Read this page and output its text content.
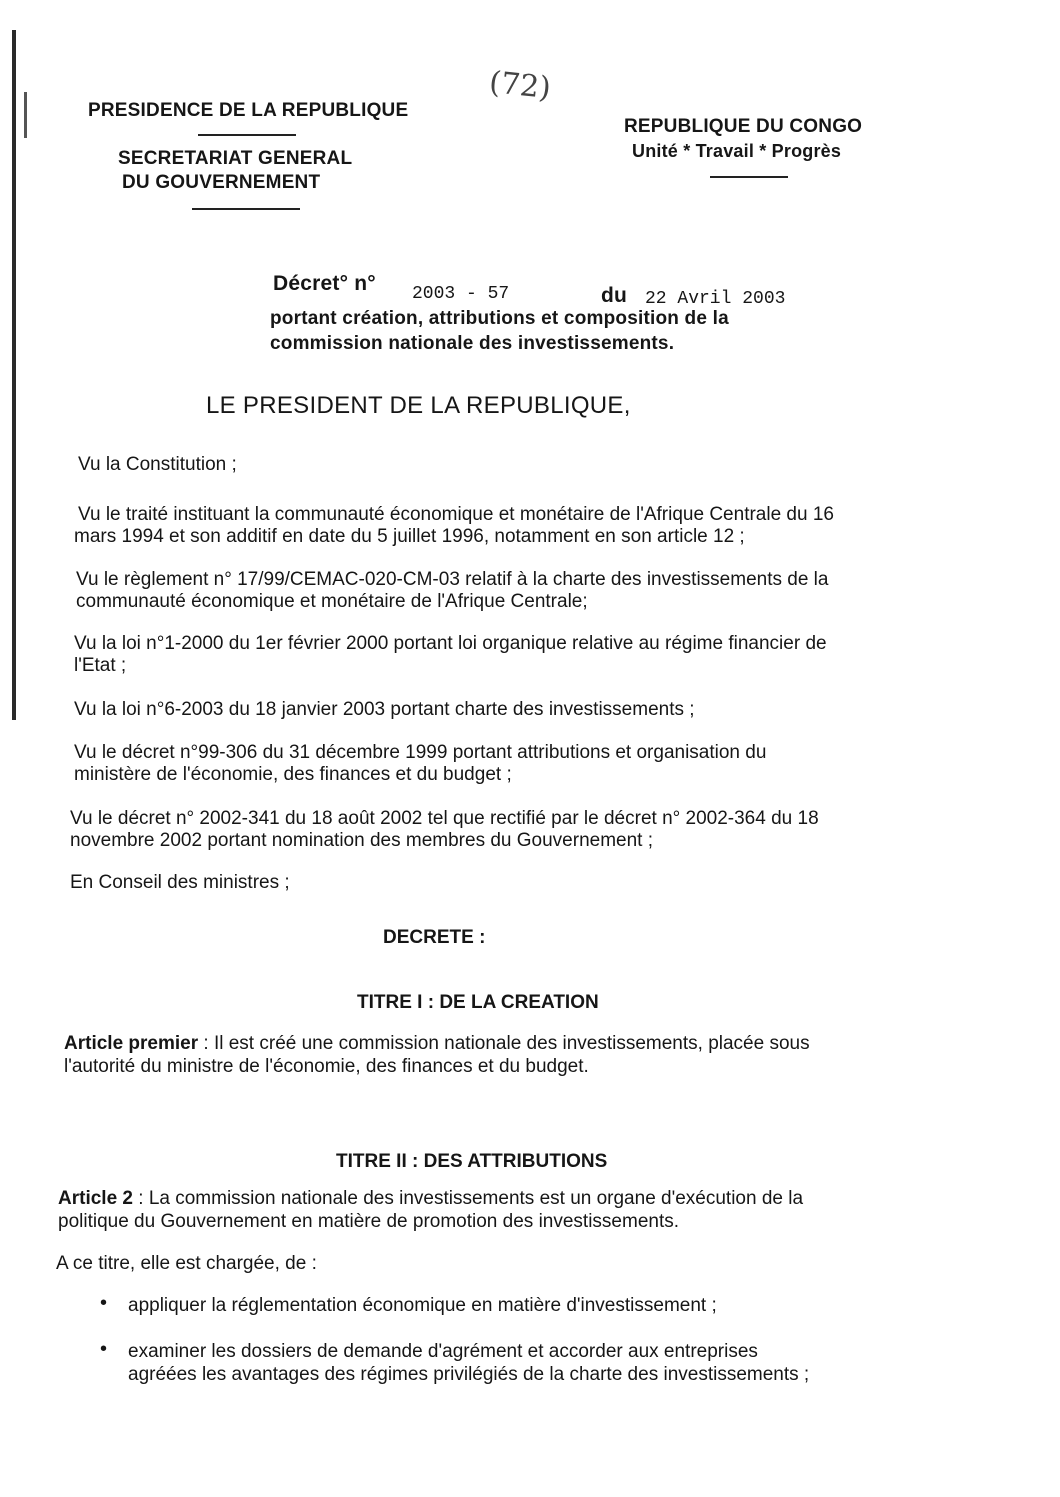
PRESIDENCE DE LA REPUBLIQUE
SECRETARIAT GENERAL
DU GOUVERNEMENT
(72)
REPUBLIQUE DU CONGO
Unité * Travail * Progrès
Décret° n° 2003 - 57	du 22 Avril 2003
portant création, attributions et composition de la
commission nationale des investissements.
LE PRESIDENT DE LA REPUBLIQUE,
Vu la Constitution ;
Vu le traité instituant la communauté économique et monétaire de l'Afrique Centrale du 16
mars 1994 et son additif en date du 5 juillet 1996, notamment en son article 12 ;
Vu le règlement n° 17/99/CEMAC-020-CM-03 relatif à la charte des investissements de la
communauté économique et monétaire de l'Afrique Centrale;
Vu la loi n°1-2000 du 1er février 2000 portant loi organique relative au régime financier de
l'Etat ;
Vu la loi n°6-2003 du 18 janvier 2003 portant charte des investissements ;
Vu le décret n°99-306 du 31 décembre 1999 portant attributions et organisation du
ministère de l'économie, des finances et du budget ;
Vu le décret n° 2002-341 du 18 août 2002 tel que rectifié par le décret n° 2002-364 du 18
novembre 2002 portant nomination des membres du Gouvernement ;
En Conseil des ministres ;
DECRETE :
TITRE I : DE LA CREATION
Article premier : Il est créé une commission nationale des investissements, placée sous
l'autorité du ministre de l'économie, des finances et du budget.
TITRE II : DES ATTRIBUTIONS
Article 2 : La commission nationale des investissements est un organe d'exécution de la
politique du Gouvernement en matière de promotion des investissements.
A ce titre, elle est chargée, de :
• appliquer la réglementation économique en matière d'investissement ;
• examiner les dossiers de demande d'agrément et accorder aux entreprises
agréées les avantages des régimes privilégiés de la charte des investissements ;
